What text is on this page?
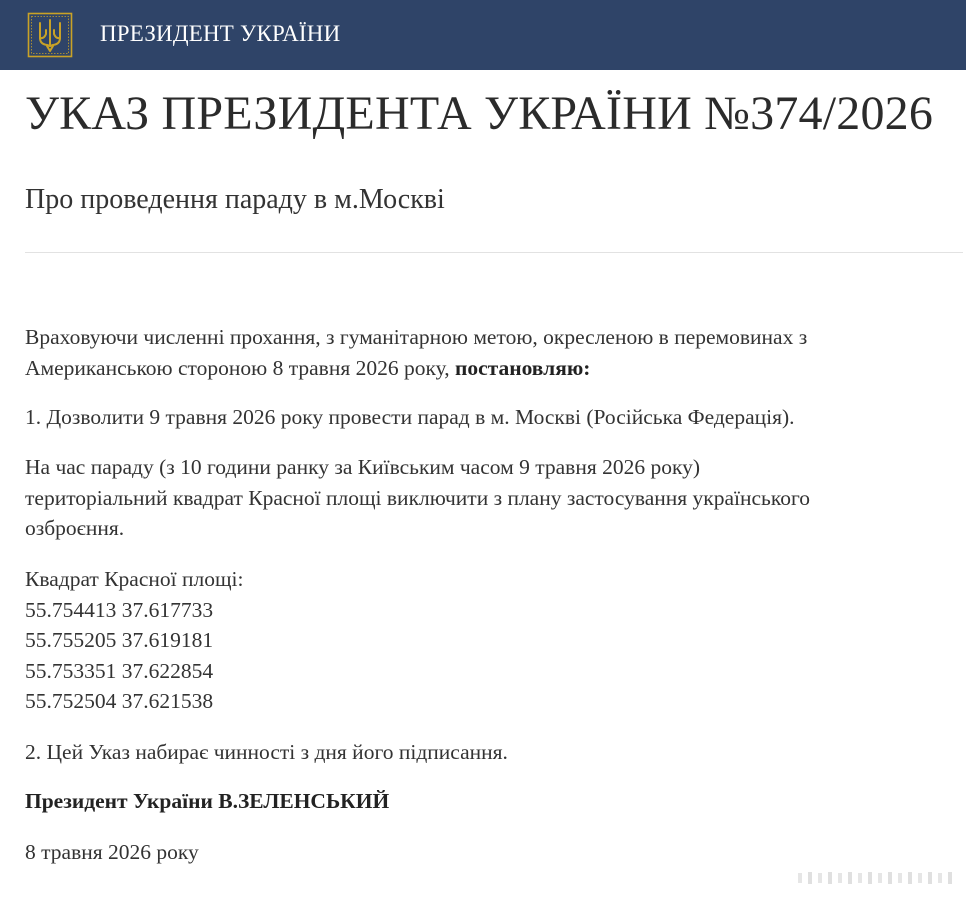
ПРЕЗИДЕНТ УКРАЇНИ
УКАЗ ПРЕЗИДЕНТА УКРАЇНИ №374/2026
Про проведення параду в м.Москві

Враховуючи численні прохання, з гуманітарною метою, окресленою в перемовинах з
Американською стороною 8 травня 2026 року, постановляю:

1. Дозволити 9 травня 2026 року провести парад в м. Москві (Російська Федерація).

На час параду (з 10 години ранку за Київським часом 9 травня 2026 року)
територіальний квадрат Красної площі виключити з плану застосування українського
озброєння.

Квадрат Красної площі:
55.754413 37.617733
55.755205 37.619181
55.753351 37.622854
55.752504 37.621538

2. Цей Указ набирає чинності з дня його підписання.

Президент України В.ЗЕЛЕНСЬКИЙ

8 травня 2026 року
